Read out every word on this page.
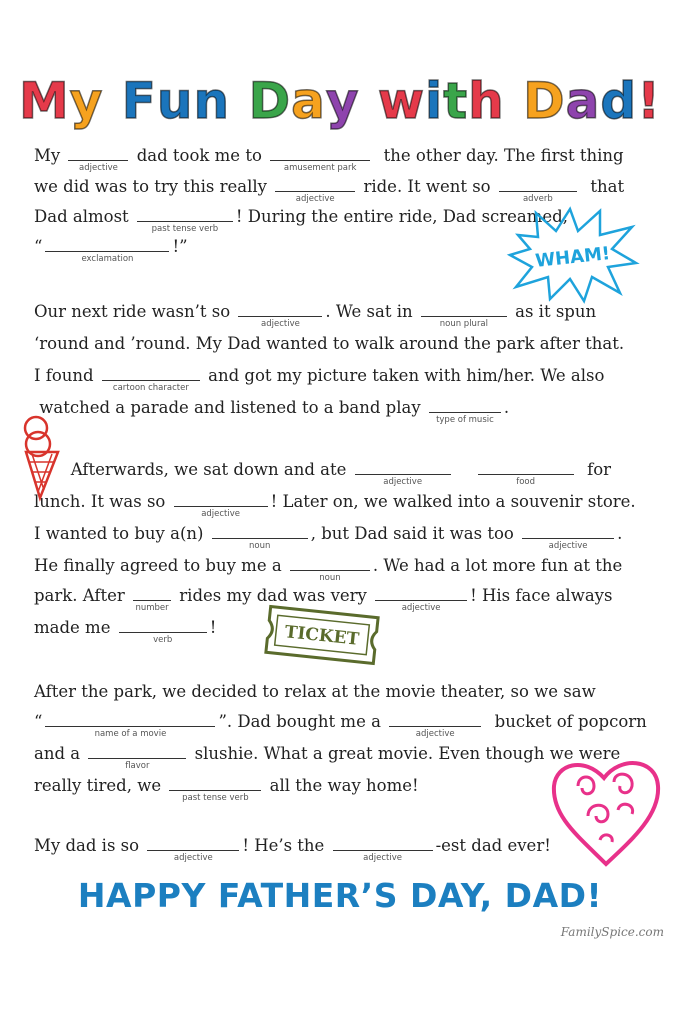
My Fun Day with Dad!
My
adjective
dad took me to
amusement park
the other day. The first thing
we did was to try this really
adjective
ride. It went so
adverb
that
Dad almost
past tense verb
! During the entire ride, Dad screamed,
“
exclamation
!”
Our next ride wasn’t so
adjective
. We sat in
noun plural
as it spun
‘round and ’round. My Dad wanted to walk around the park after that.
I found
cartoon character
and got my picture taken with him/her. We also
watched a parade and listened to a band play
type of music
.
Afterwards, we sat down and ate
adjective
	food
for
lunch. It was so
adjective
! Later on, we walked into a souvenir store.
I wanted to buy a(n)
noun
, but Dad said it was too
adjective
.
He finally agreed to buy me a
noun
. We had a lot more fun at the
park. After
number
rides my dad was very
adjective
! His face always
made me
verb
!
After the park, we decided to relax at the movie theater, so we saw
“
name of a movie
”. Dad bought me a
adjective
bucket of popcorn
and a
flavor
slushie. What a great movie. Even though we were
really tired, we
past tense verb
all the way home!
My dad is so
adjective
! He’s the
adjective
-est dad ever!
WHAM!
TICKET
HAPPY FATHER’S DAY, DAD!
FamilySpice.com
